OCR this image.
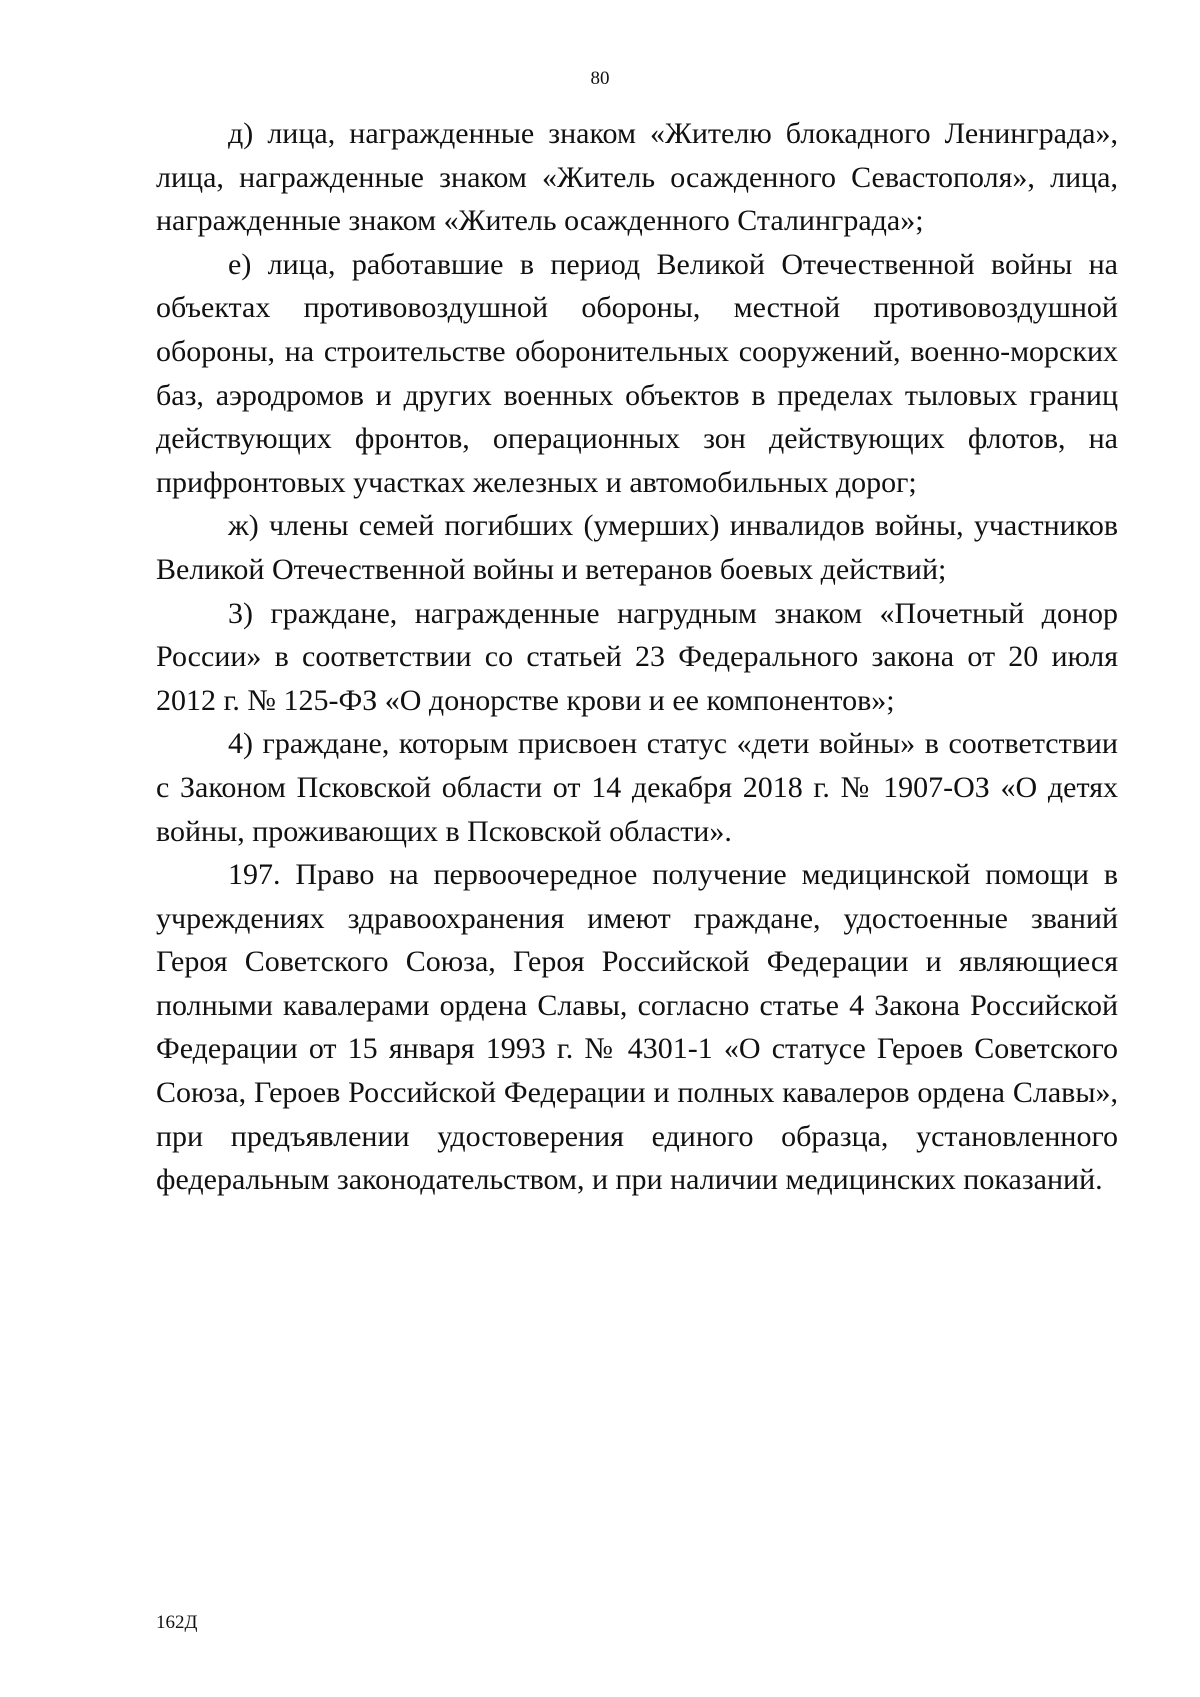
80

д) лица, награжденные знаком «Жителю блокадного Ленинграда», лица, награжденные знаком «Житель осажденного Севастополя», лица, награжденные знаком «Житель осажденного Сталинграда»;

е) лица, работавшие в период Великой Отечественной войны на объектах противовоздушной обороны, местной противовоздушной обороны, на строительстве оборонительных сооружений, военно-морских баз, аэродромов и других военных объектов в пределах тыловых границ действующих фронтов, операционных зон действующих флотов, на прифронтовых участках железных и автомобильных дорог;

ж) члены семей погибших (умерших) инвалидов войны, участников Великой Отечественной войны и ветеранов боевых действий;

3) граждане, награжденные нагрудным знаком «Почетный донор России» в соответствии со статьей 23 Федерального закона от 20 июля 2012 г. № 125-ФЗ «О донорстве крови и ее компонентов»;

4) граждане, которым присвоен статус «дети войны» в соответствии с Законом Псковской области от 14 декабря 2018 г. № 1907-ОЗ «О детях войны, проживающих в Псковской области».

197. Право на первоочередное получение медицинской помощи в учреждениях здравоохранения имеют граждане, удостоенные званий Героя Советского Союза, Героя Российской Федерации и являющиеся полными кавалерами ордена Славы, согласно статье 4 Закона Российской Федерации от 15 января 1993 г. № 4301-1 «О статусе Героев Советского Союза, Героев Российской Федерации и полных кавалеров ордена Славы», при предъявлении удостоверения единого образца, установленного федеральным законодательством, и при наличии медицинских показаний.

162Д
